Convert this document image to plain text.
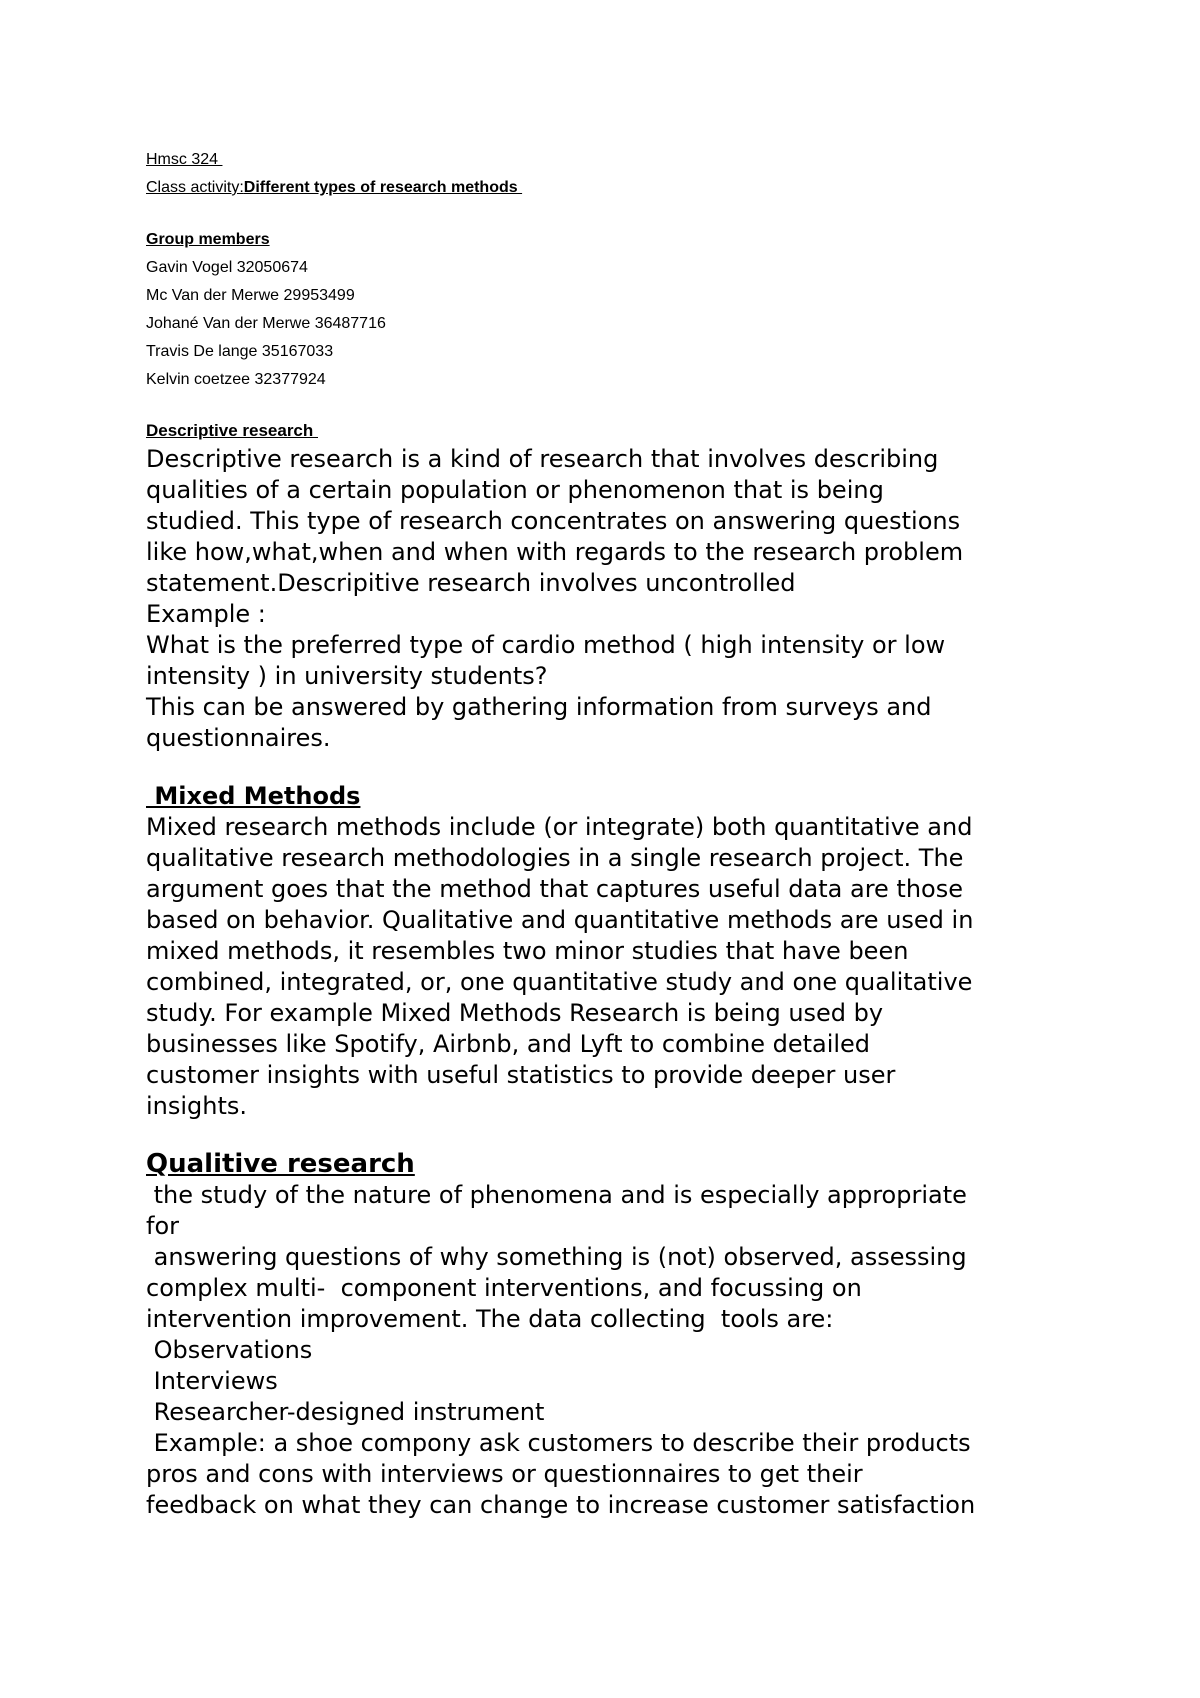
Hmsc 324
Class activity:Different types of research methods
Group members
Gavin Vogel 32050674
Mc Van der Merwe 29953499
Johané Van der Merwe 36487716
Travis De lange 35167033
Kelvin coetzee 32377924
Descriptive research
Descriptive research is a kind of research that involves describing
qualities of a certain population or phenomenon that is being
studied. This type of research concentrates on answering questions
like how,what,when and when with regards to the research problem
statement.Descripitive research involves uncontrolled
Example :
What is the preferred type of cardio method ( high intensity or low
intensity ) in university students?
This can be answered by gathering information from surveys and
questionnaires.
Mixed Methods
Mixed research methods include (or integrate) both quantitative and
qualitative research methodologies in a single research project. The
argument goes that the method that captures useful data are those
based on behavior. Qualitative and quantitative methods are used in
mixed methods, it resembles two minor studies that have been
combined, integrated, or, one quantitative study and one qualitative
study. For example Mixed Methods Research is being used by
businesses like Spotify, Airbnb, and Lyft to combine detailed
customer insights with useful statistics to provide deeper user
insights.
Qualitive research
the study of the nature of phenomena and is especially appropriate
for
answering questions of why something is (not) observed, assessing
complex multi-  component interventions, and focussing on
intervention improvement. The data collecting  tools are:
Observations
Interviews
Researcher-designed instrument
Example: a shoe compony ask customers to describe their products
pros and cons with interviews or questionnaires to get their
feedback on what they can change to increase customer satisfaction
